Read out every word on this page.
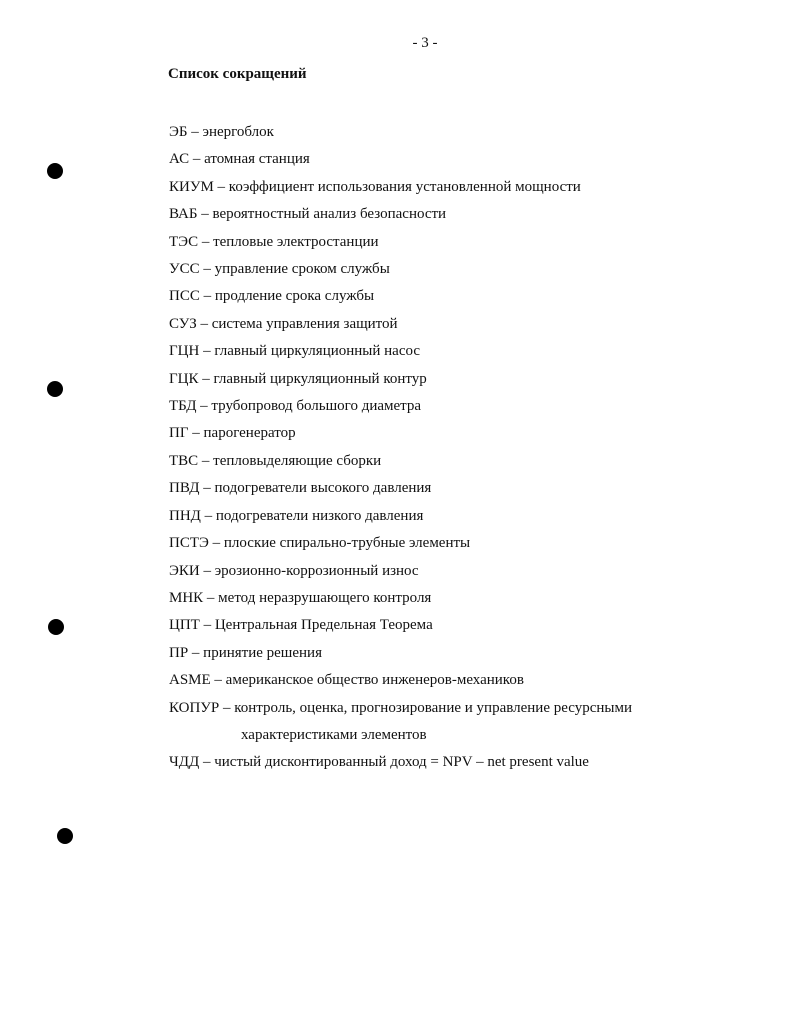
- 3 -
Список сокращений
ЭБ – энергоблок
АС – атомная станция
КИУМ – коэффициент использования установленной мощности
ВАБ – вероятностный анализ безопасности
ТЭС – тепловые электростанции
УСС – управление сроком службы
ПСС – продление срока службы
СУЗ – система управления защитой
ГЦН – главный циркуляционный насос
ГЦК – главный циркуляционный контур
ТБД – трубопровод большого диаметра
ПГ – парогенератор
ТВС – тепловыделяющие сборки
ПВД – подогреватели высокого давления
ПНД – подогреватели низкого давления
ПСТЭ – плоские спирально-трубные элементы
ЭКИ – эрозионно-коррозионный износ
МНК – метод неразрушающего контроля
ЦПТ – Центральная Предельная Теорема
ПР – принятие решения
ASME – американское общество инженеров-механиков
КОПУР – контроль, оценка, прогнозирование и управление ресурсными
характеристиками элементов
ЧДД – чистый дисконтированный доход = NPV – net present value
